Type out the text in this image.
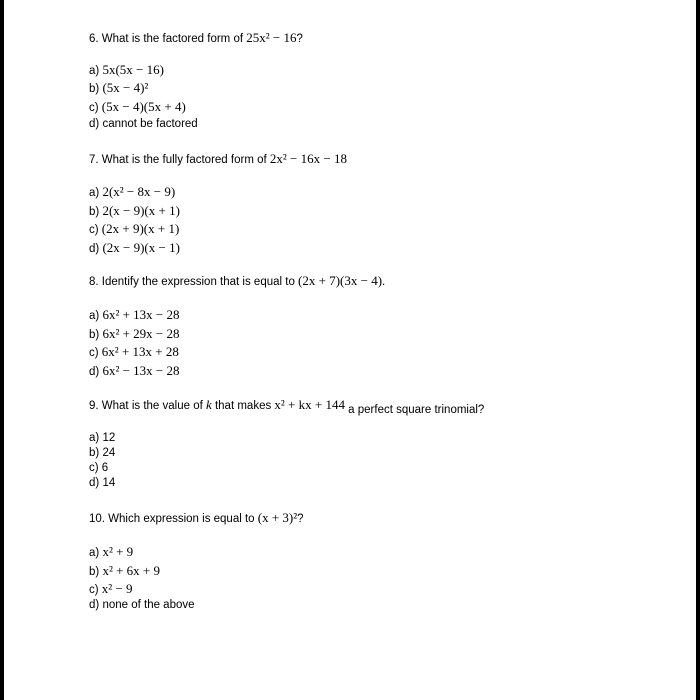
6. What is the factored form of 25x² − 16?
a) 5x(5x − 16)
b) (5x − 4)²
c) (5x − 4)(5x + 4)
d) cannot be factored
7. What is the fully factored form of 2x² − 16x − 18
a) 2(x² − 8x − 9)
b) 2(x − 9)(x + 1)
c) (2x + 9)(x + 1)
d) (2x − 9)(x − 1)
8. Identify the expression that is equal to (2x + 7)(3x − 4).
a) 6x² + 13x − 28
b) 6x² + 29x − 28
c) 6x² + 13x + 28
d) 6x² − 13x − 28
9. What is the value of k that makes x² + kx + 144 a perfect square trinomial?
a) 12
b) 24
c) 6
d) 14
10. Which expression is equal to (x + 3)²?
a) x² + 9
b) x² + 6x + 9
c) x² − 9
d) none of the above
